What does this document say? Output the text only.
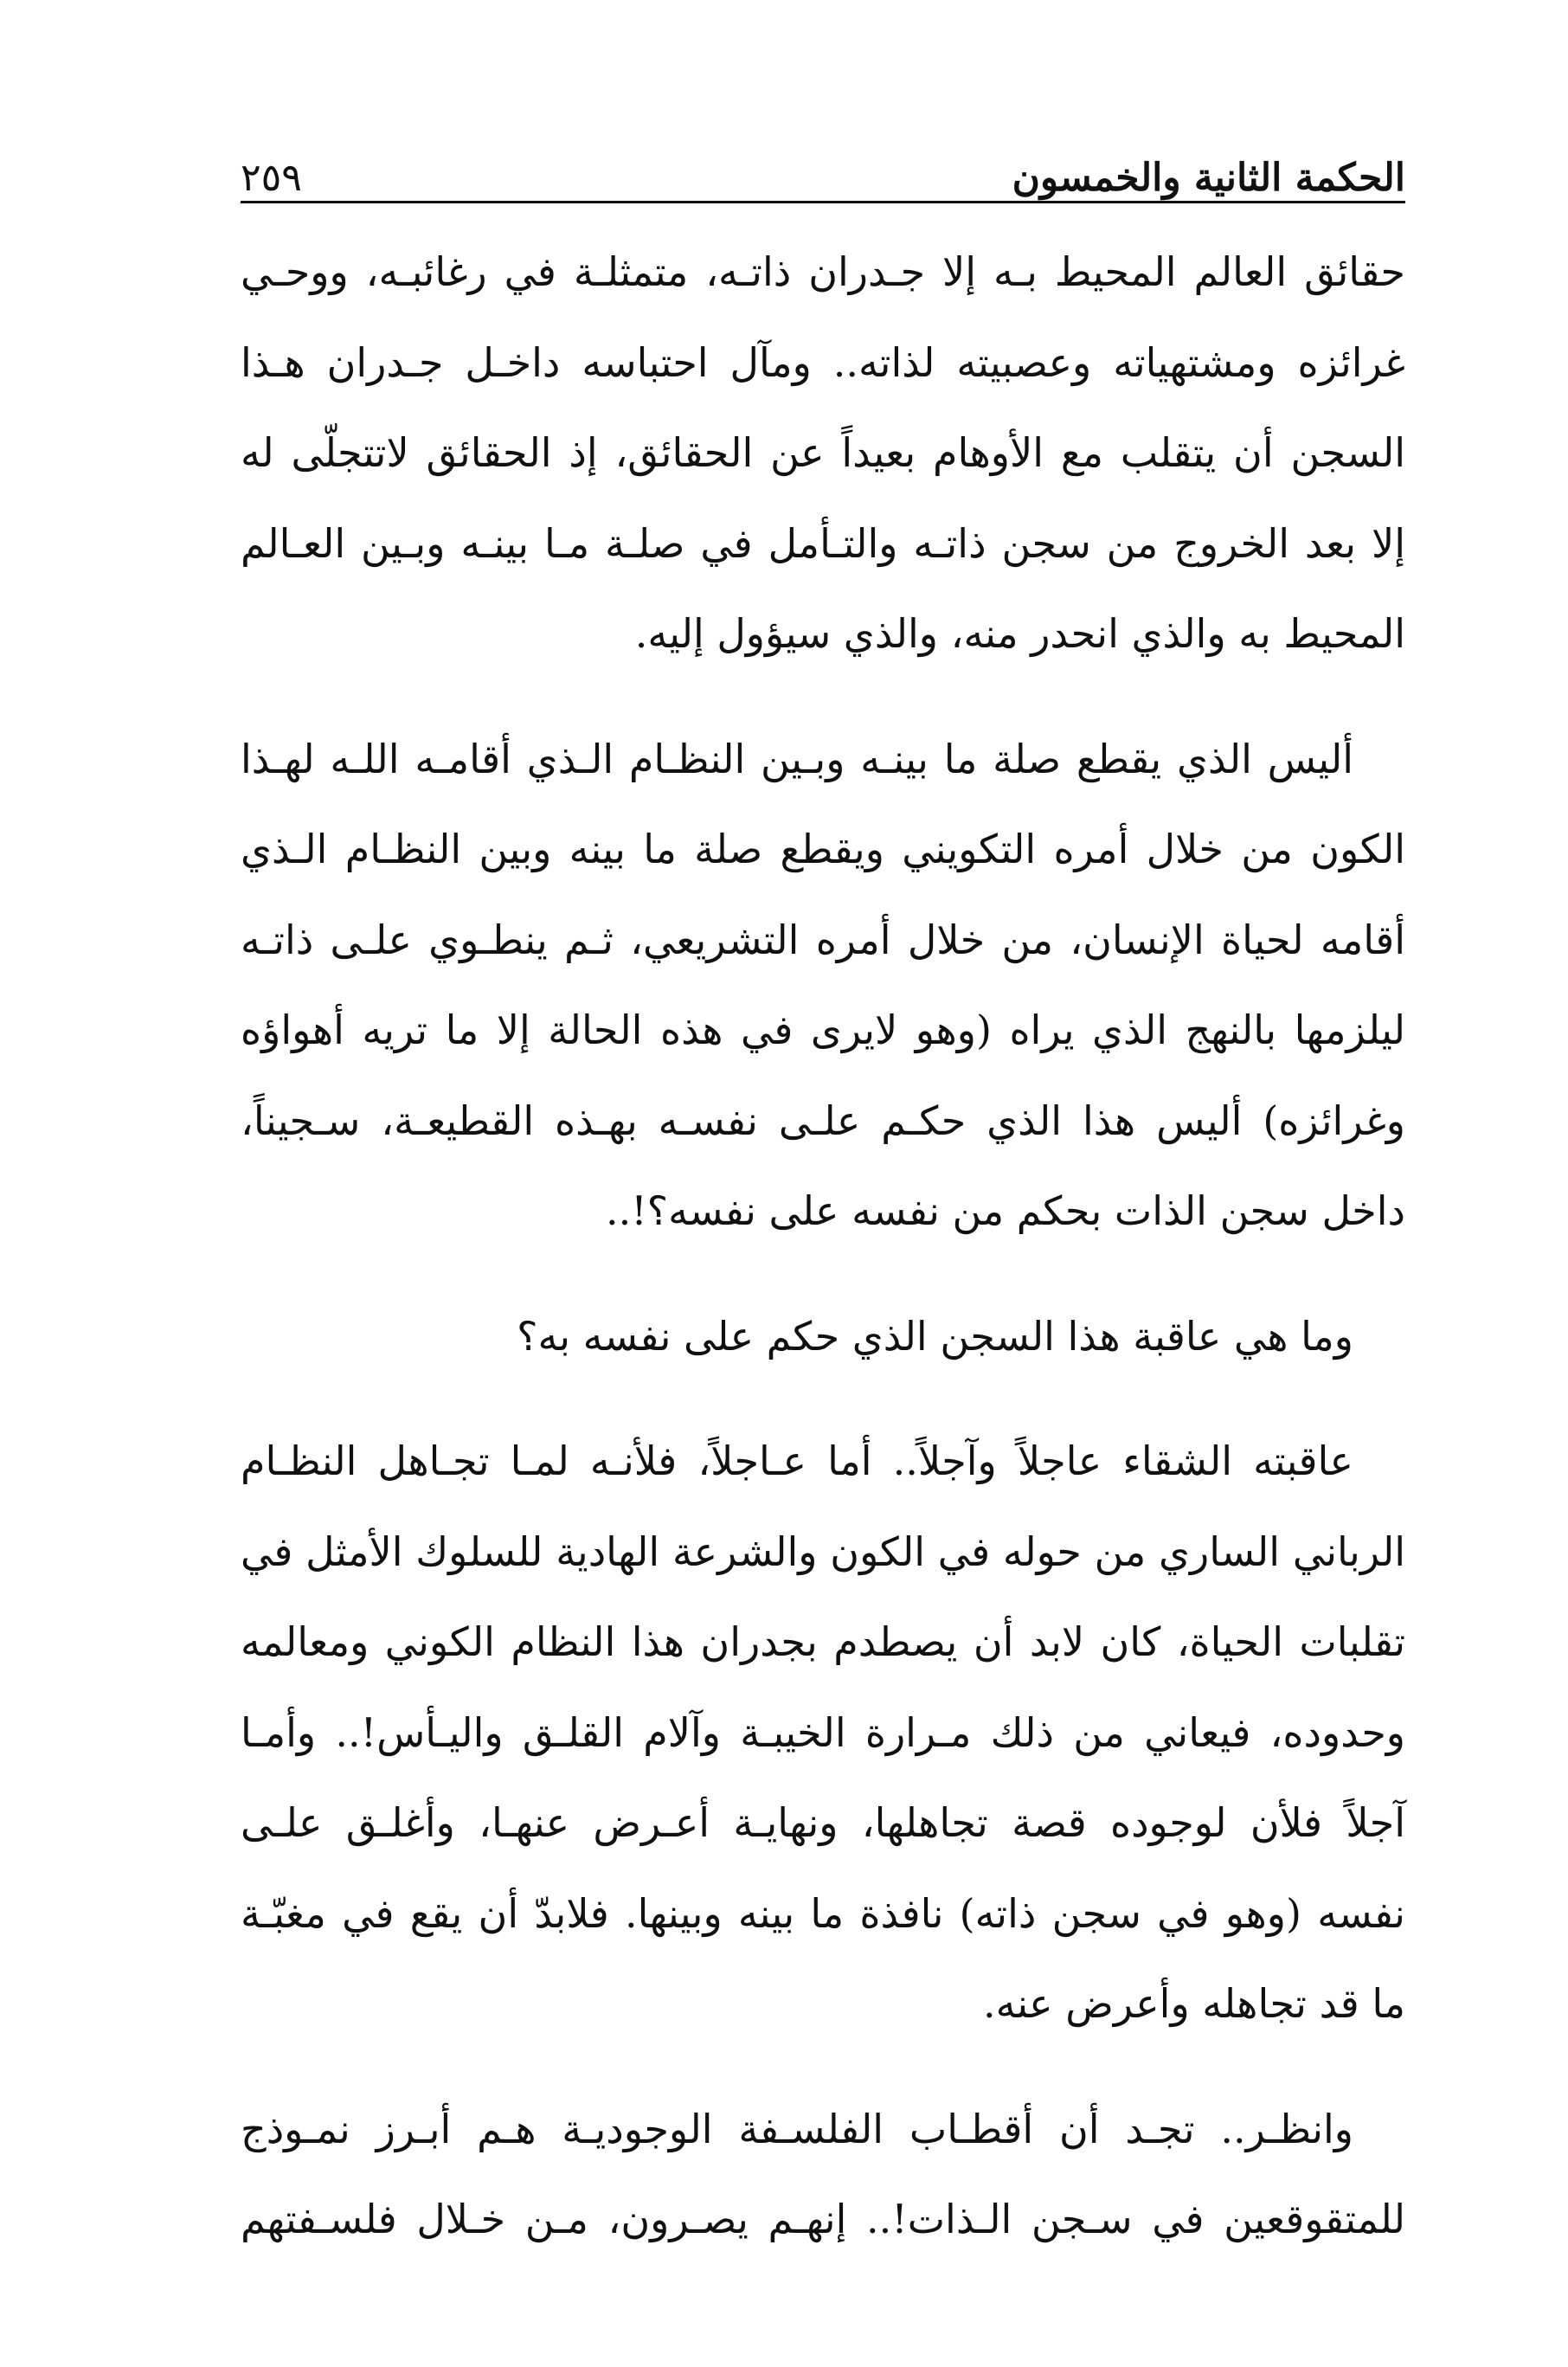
الحكمة الثانية والخمسون
٢٥٩
حقائق العالم المحيط بـه إلا جـدران ذاتـه، متمثلـة في رغائبـه، ووحـي
غرائزه ومشتهياته وعصبيته لذاته.. ومآل احتباسه داخـل جـدران هـذا
السجن أن يتقلب مع الأوهام بعيداً عن الحقائق، إذ الحقائق لاتتجلّى له
إلا بعد الخروج من سجن ذاتـه والتـأمل في صلـة مـا بينـه وبـين العـالم
المحيط به والذي انحدر منه، والذي سيؤول إليه.
أليس الذي يقطع صلة ما بينـه وبـين النظـام الـذي أقامـه اللـه لهـذا
الكون من خلال أمره التكويني ويقطع صلة ما بينه وبين النظـام الـذي
أقامه لحياة الإنسان، من خلال أمره التشريعي، ثـم ينطـوي علـى ذاتـه
ليلزمها بالنهج الذي يراه (وهو لايرى في هذه الحالة إلا ما تريه أهواؤه
وغرائزه) أليس هذا الذي حكـم علـى نفسـه بهـذه القطيعـة، سـجيناً،
داخل سجن الذات بحكم من نفسه على نفسه؟!..
وما هي عاقبة هذا السجن الذي حكم على نفسه به؟
عاقبته الشقاء عاجلاً وآجلاً.. أما عـاجلاً، فلأنـه لمـا تجـاهل النظـام
الرباني الساري من حوله في الكون والشرعة الهادية للسلوك الأمثل في
تقلبات الحياة، كان لابد أن يصطدم بجدران هذا النظام الكوني ومعالمه
وحدوده، فيعاني من ذلك مـرارة الخيبـة وآلام القلـق واليـأس!.. وأمـا
آجلاً فلأن لوجوده قصة تجاهلها، ونهايـة أعـرض عنهـا، وأغلـق علـى
نفسه (وهو في سجن ذاته) نافذة ما بينه وبينها. فلابدّ أن يقع في مغبّـة
ما قد تجاهله وأعرض عنه.
وانظـر.. تجـد أن أقطـاب الفلسـفة الوجوديـة هـم أبـرز نمـوذج
للمتقوقعين في سـجن الـذات!.. إنهـم يصـرون، مـن خـلال فلسـفتهم
